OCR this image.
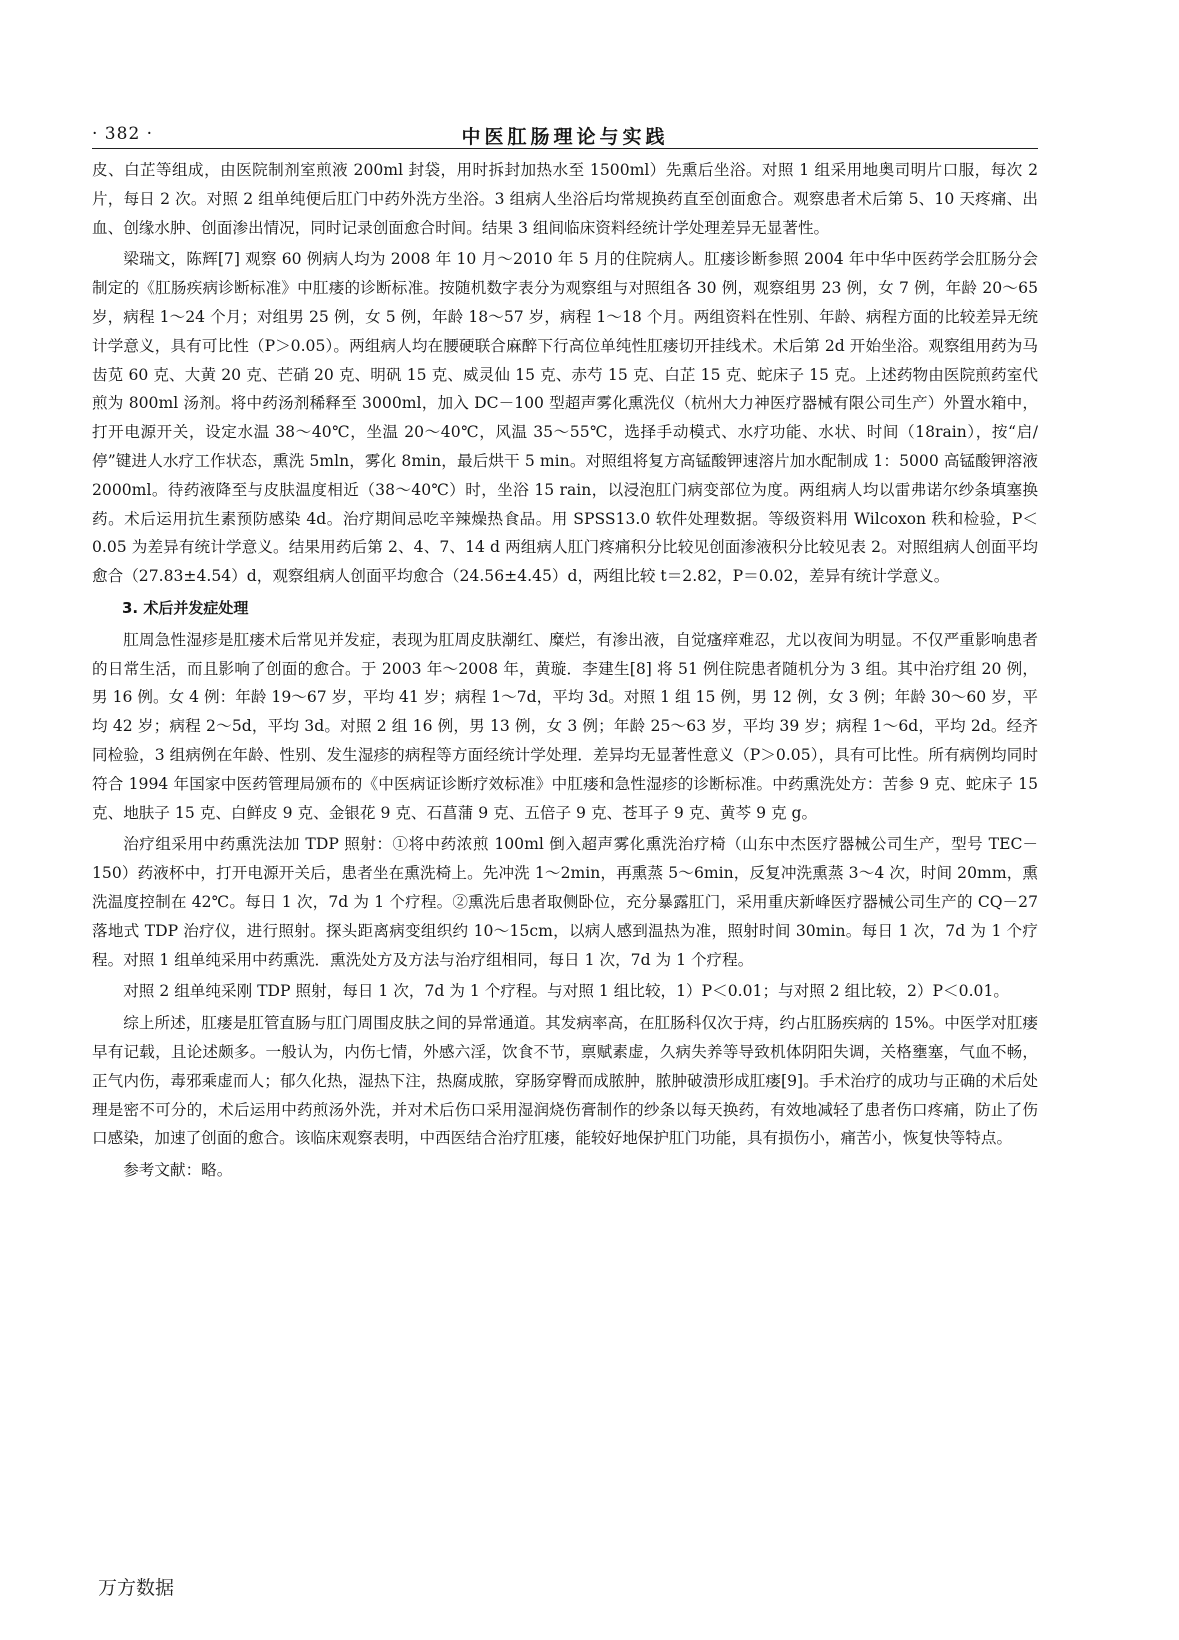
· 382 ·	中医肛肠理论与实践

皮、白芷等组成，由医院制剂室煎液 200ml 封袋，用时拆封加热水至 1500ml）先熏后坐浴。对照 1 组采用地奥司明片口服，每次 2 片，每日 2 次。对照 2 组单纯便后肛门中药外洗方坐浴。3 组病人坐浴后均常规换药直至创面愈合。观察患者术后第 5、10 天疼痛、出血、创缘水肿、创面渗出情况，同时记录创面愈合时间。结果 3 组间临床资料经统计学处理差异无显著性。

梁瑞文，陈辉[7] 观察 60 例病人均为 2008 年 10 月～2010 年 5 月的住院病人。肛瘘诊断参照 2004 年中华中医药学会肛肠分会制定的《肛肠疾病诊断标准》中肛瘘的诊断标准。按随机数字表分为观察组与对照组各 30 例，观察组男 23 例，女 7 例，年龄 20～65 岁，病程 1～24 个月；对组男 25 例，女 5 例，年龄 18～57 岁，病程 1～18 个月。两组资料在性别、年龄、病程方面的比较差异无统计学意义，具有可比性（P＞0.05）。两组病人均在腰硬联合麻醉下行高位单纯性肛瘘切开挂线术。术后第 2d 开始坐浴。观察组用药为马齿苋 60 克、大黄 20 克、芒硝 20 克、明矾 15 克、威灵仙 15 克、赤芍 15 克、白芷 15 克、蛇床子 15 克。上述药物由医院煎药室代煎为 800ml 汤剂。将中药汤剂稀释至 3000ml，加入 DC－100 型超声雾化熏洗仪（杭州大力神医疗器械有限公司生产）外置水箱中，打开电源开关，设定水温 38～40℃，坐温 20～40℃，风温 35～55℃，选择手动模式、水疗功能、水状、时间（18rain），按“启/停”键进人水疗工作状态，熏洗 5mln，雾化 8min，最后烘干 5 min。对照组将复方高锰酸钾速溶片加水配制成 1：5000 高锰酸钾溶液 2000ml。待药液降至与皮肤温度相近（38～40℃）时，坐浴 15 rain，以浸泡肛门病变部位为度。两组病人均以雷弗诺尔纱条填塞换药。术后运用抗生素预防感染 4d。治疗期间忌吃辛辣燥热食品。用 SPSS13.0 软件处理数据。等级资料用 Wilcoxon 秩和检验，P＜0.05 为差异有统计学意义。结果用药后第 2、4、7、14 d 两组病人肛门疼痛积分比较见创面渗液积分比较见表 2。对照组病人创面平均愈合（27.83±4.54）d，观察组病人创面平均愈合（24.56±4.45）d，两组比较 t＝2.82，P＝0.02，差异有统计学意义。

3. 术后并发症处理

肛周急性湿疹是肛瘘术后常见并发症，表现为肛周皮肤潮红、糜烂，有渗出液，自觉瘙痒难忍，尤以夜间为明显。不仅严重影响患者的日常生活，而且影响了创面的愈合。于 2003 年～2008 年，黄璇．李建生[8] 将 51 例住院患者随机分为 3 组。其中治疗组 20 例，男 16 例。女 4 例：年龄 19～67 岁，平均 41 岁；病程 1～7d，平均 3d。对照 1 组 15 例，男 12 例，女 3 例；年龄 30～60 岁，平均 42 岁；病程 2～5d，平均 3d。对照 2 组 16 例，男 13 例，女 3 例；年龄 25～63 岁，平均 39 岁；病程 1～6d，平均 2d。经齐同检验，3 组病例在年龄、性别、发生湿疹的病程等方面经统计学处理．差异均无显著性意义（P＞0.05），具有可比性。所有病例均同时符合 1994 年国家中医药管理局颁布的《中医病证诊断疗效标准》中肛瘘和急性湿疹的诊断标准。中药熏洗处方：苦参 9 克、蛇床子 15 克、地肤子 15 克、白鲜皮 9 克、金银花 9 克、石菖蒲 9 克、五倍子 9 克、苍耳子 9 克、黄芩 9 克 g。

治疗组采用中药熏洗法加 TDP 照射：①将中药浓煎 100ml 倒入超声雾化熏洗治疗椅（山东中杰医疗器械公司生产，型号 TEC－150）药液杯中，打开电源开关后，患者坐在熏洗椅上。先冲洗 1～2min，再熏蒸 5～6min，反复冲洗熏蒸 3～4 次，时间 20mm，熏洗温度控制在 42℃。每日 1 次，7d 为 1 个疗程。②熏洗后患者取侧卧位，充分暴露肛门，采用重庆新峰医疗器械公司生产的 CQ－27 落地式 TDP 治疗仪，进行照射。探头距离病变组织约 10～15cm，以病人感到温热为准，照射时间 30min。每日 1 次，7d 为 1 个疗程。对照 1 组单纯采用中药熏洗．熏洗处方及方法与治疗组相同，每日 1 次，7d 为 1 个疗程。

对照 2 组单纯采刚 TDP 照射，每日 1 次，7d 为 1 个疗程。与对照 1 组比较，1）P＜0.01；与对照 2 组比较，2）P＜0.01。

综上所述，肛瘘是肛管直肠与肛门周围皮肤之间的异常通道。其发病率高，在肛肠科仅次于痔，约占肛肠疾病的 15%。中医学对肛瘘早有记载，且论述颇多。一般认为，内伤七情，外感六淫，饮食不节，禀赋素虚，久病失养等导致机体阴阳失调，关格壅塞，气血不畅，正气内伤，毒邪乘虚而人；郁久化热，湿热下注，热腐成脓，穿肠穿臀而成脓肿，脓肿破溃形成肛瘘[9]。手术治疗的成功与正确的术后处理是密不可分的，术后运用中药煎汤外洗，并对术后伤口采用湿润烧伤膏制作的纱条以每天换药，有效地减轻了患者伤口疼痛，防止了伤口感染，加速了创面的愈合。该临床观察表明，中西医结合治疗肛瘘，能较好地保护肛门功能，具有损伤小，痛苦小，恢复快等特点。

参考文献：略。

万方数据
